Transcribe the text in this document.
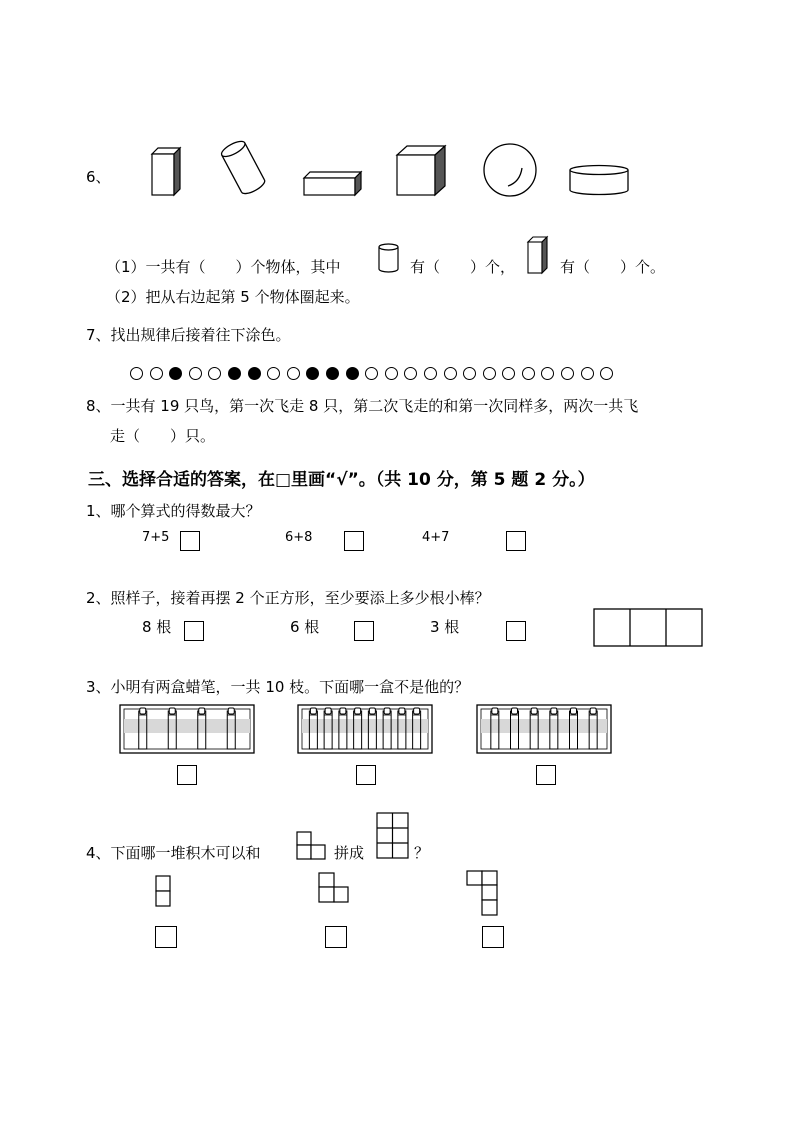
6、
（1）一共有（　　）个物体，其中	有（　　）个，	有（　　）个。
（2）把从右边起第 5 个物体圈起来。
7、找出规律后接着往下涂色。
8、一共有 19 只鸟，第一次飞走 8 只，第二次飞走的和第一次同样多，两次一共飞
走（　　）只。
三、选择合适的答案，在□里画“√”。（共 10 分，第 5 题 2 分。）
1、哪个算式的得数最大？
7+5	6+8	4+7
2、照样子，接着再摆 2 个正方形，至少要添上多少根小棒？
8 根	6 根	3 根
3、小明有两盒蜡笔，一共 10 枝。下面哪一盒不是他的？
4、下面哪一堆积木可以和	拼成	？
